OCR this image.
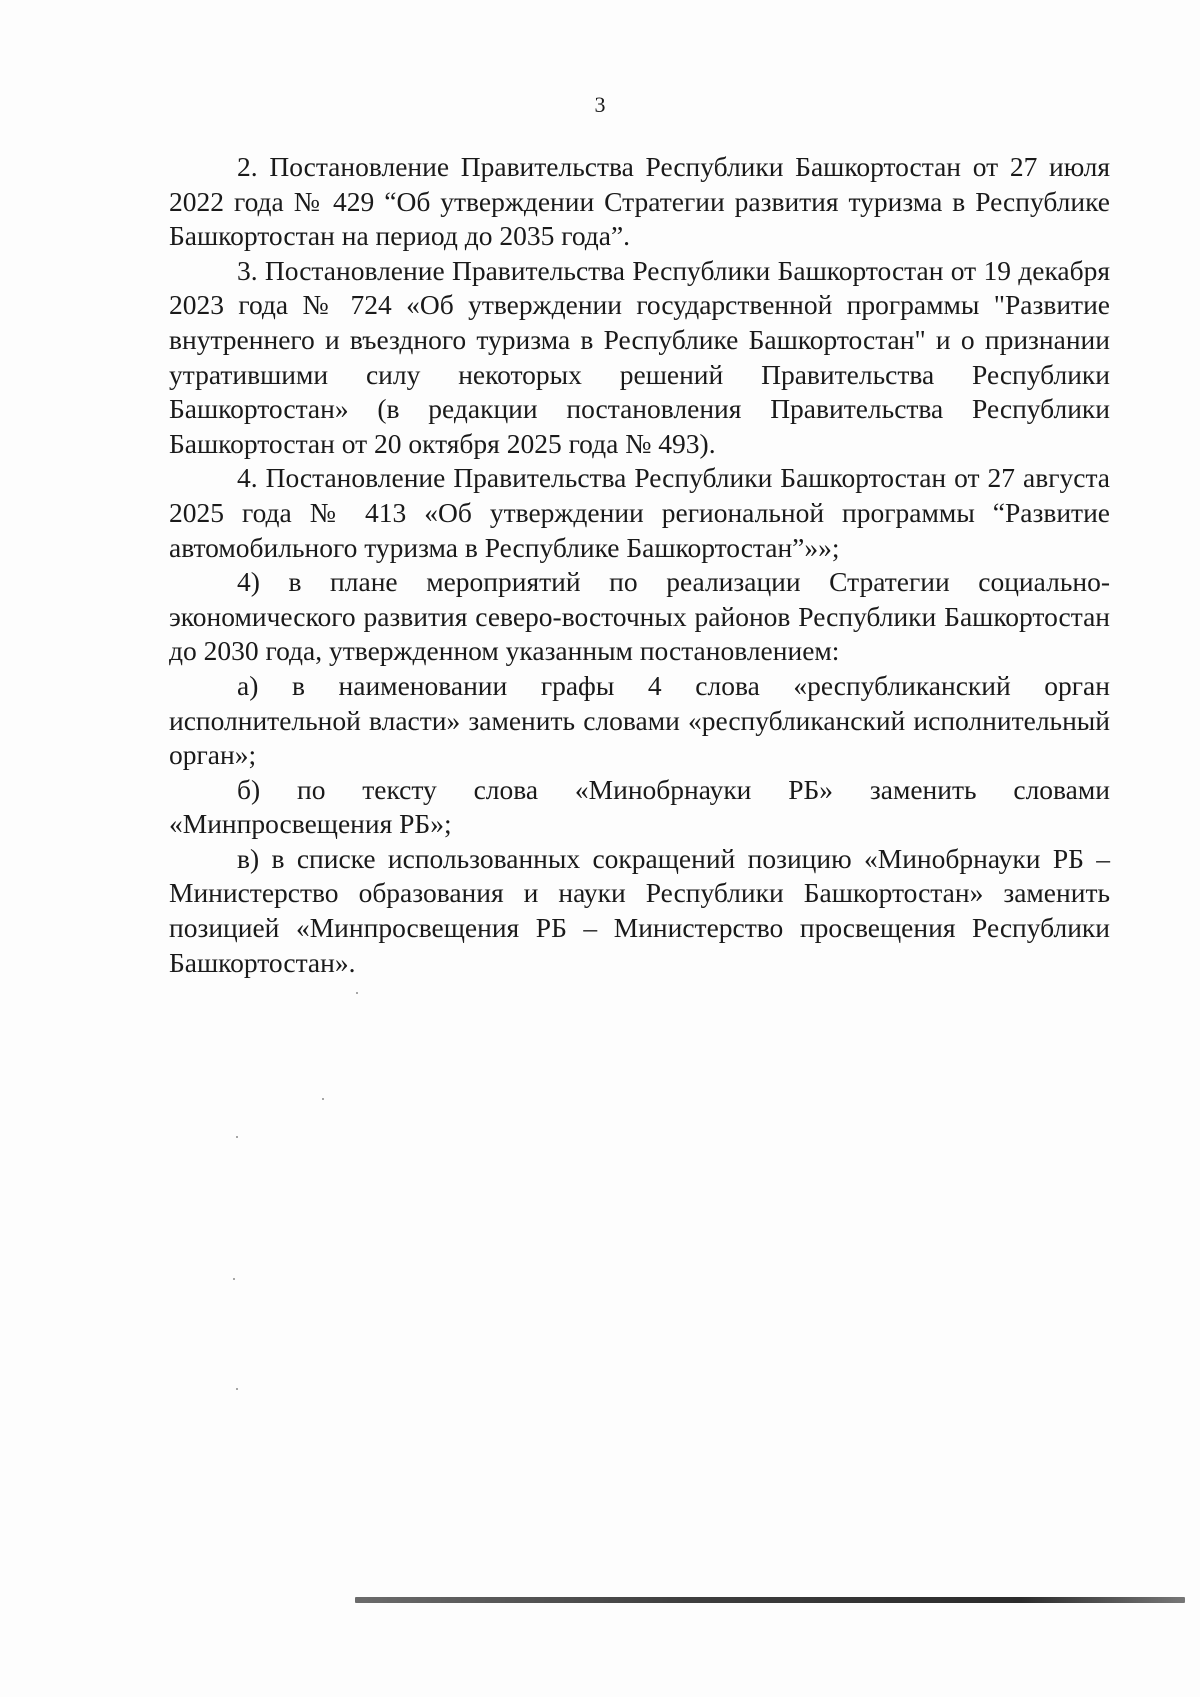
3

2. Постановление Правительства Республики Башкортостан от 27 июля 2022 года № 429 “Об утверждении Стратегии развития туризма в Республике Башкортостан на период до 2035 года”.

3. Постановление Правительства Республики Башкортостан от 19 декабря 2023 года № 724 «Об утверждении государственной программы "Развитие внутреннего и въездного туризма в Республике Башкортостан" и о признании утратившими силу некоторых решений Правительства Республики Башкортостан» (в редакции постановления Правительства Республики Башкортостан от 20 октября 2025 года № 493).

4. Постановление Правительства Республики Башкортостан от 27 августа 2025 года № 413 «Об утверждении региональной программы “Развитие автомобильного туризма в Республике Башкортостан”»»;

4) в плане мероприятий по реализации Стратегии социально-экономического развития северо-восточных районов Республики Башкортостан до 2030 года, утвержденном указанным постановлением:

а) в наименовании графы 4 слова «республиканский орган исполнительной власти» заменить словами «республиканский исполнительный орган»;

б) по тексту слова «Минобрнауки РБ» заменить словами «Минпросвещения РБ»;

в) в списке использованных сокращений позицию «Минобрнауки РБ – Министерство образования и науки Республики Башкортостан» заменить позицией «Минпросвещения РБ – Министерство просвещения Республики Башкортостан».
